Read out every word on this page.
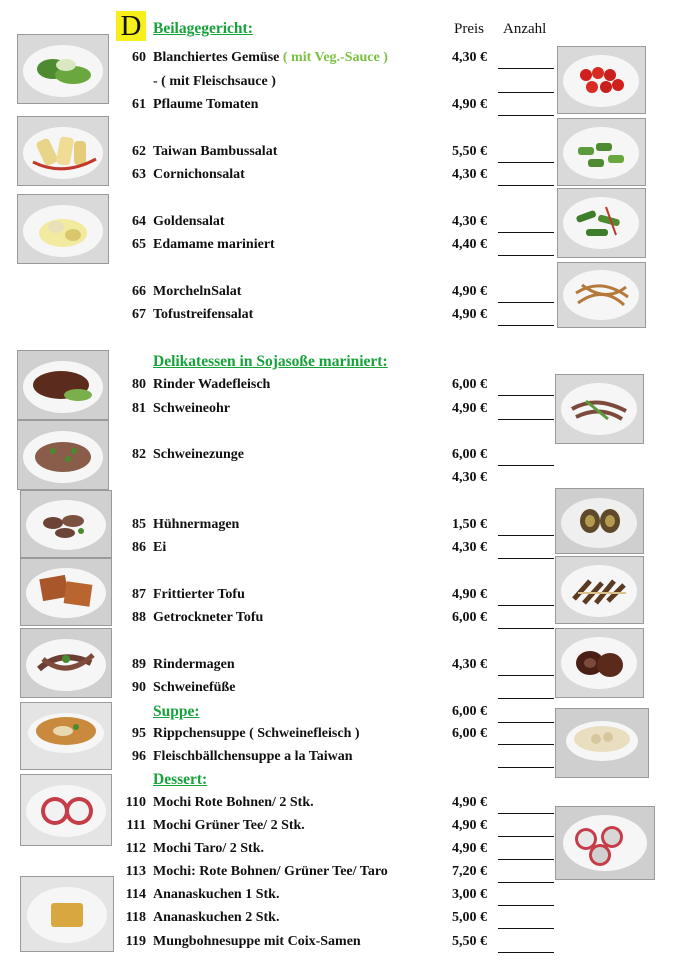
D Beilagegericht:	Preis Anzahl
60 Blanchiertes Gemüse ( mit Veg.-Sauce )	4,30 €
- ( mit Fleischsauce )
61 Pflaume Tomaten	4,90 €
62 Taiwan Bambussalat	5,50 €
63 Cornichonsalat	4,30 €
64 Goldensalat	4,30 €
65 Edamame mariniert	4,40 €
66 MorchelnSalat	4,90 €
67 Tofustreifensalat	4,90 €
Delikatessen in Sojasoße mariniert:
80 Rinder Wadefleisch	6,00 €
81 Schweineohr	4,90 €
82 Schweinezunge	6,00 €
4,30 €
85 Hühnermagen	1,50 €
86 Ei	4,30 €
87 Frittierter Tofu	4,90 €
88 Getrockneter Tofu	6,00 €
89 Rindermagen	4,30 €
90 Schweinefüße
Suppe:	6,00 €
95 Rippchensuppe ( Schweinefleisch )	6,00 €
96 Fleischbällchensuppe a la Taiwan
Dessert:
110 Mochi Rote Bohnen/ 2 Stk.	4,90 €
111 Mochi Grüner Tee/ 2 Stk.	4,90 €
112 Mochi Taro/ 2 Stk.	4,90 €
113 Mochi: Rote Bohnen/ Grüner Tee/ Taro	7,20 €
114 Ananaskuchen 1 Stk.	3,00 €
118 Ananaskuchen 2 Stk.	5,00 €
119 Mungbohnesuppe mit Coix-Samen	5,50 €
